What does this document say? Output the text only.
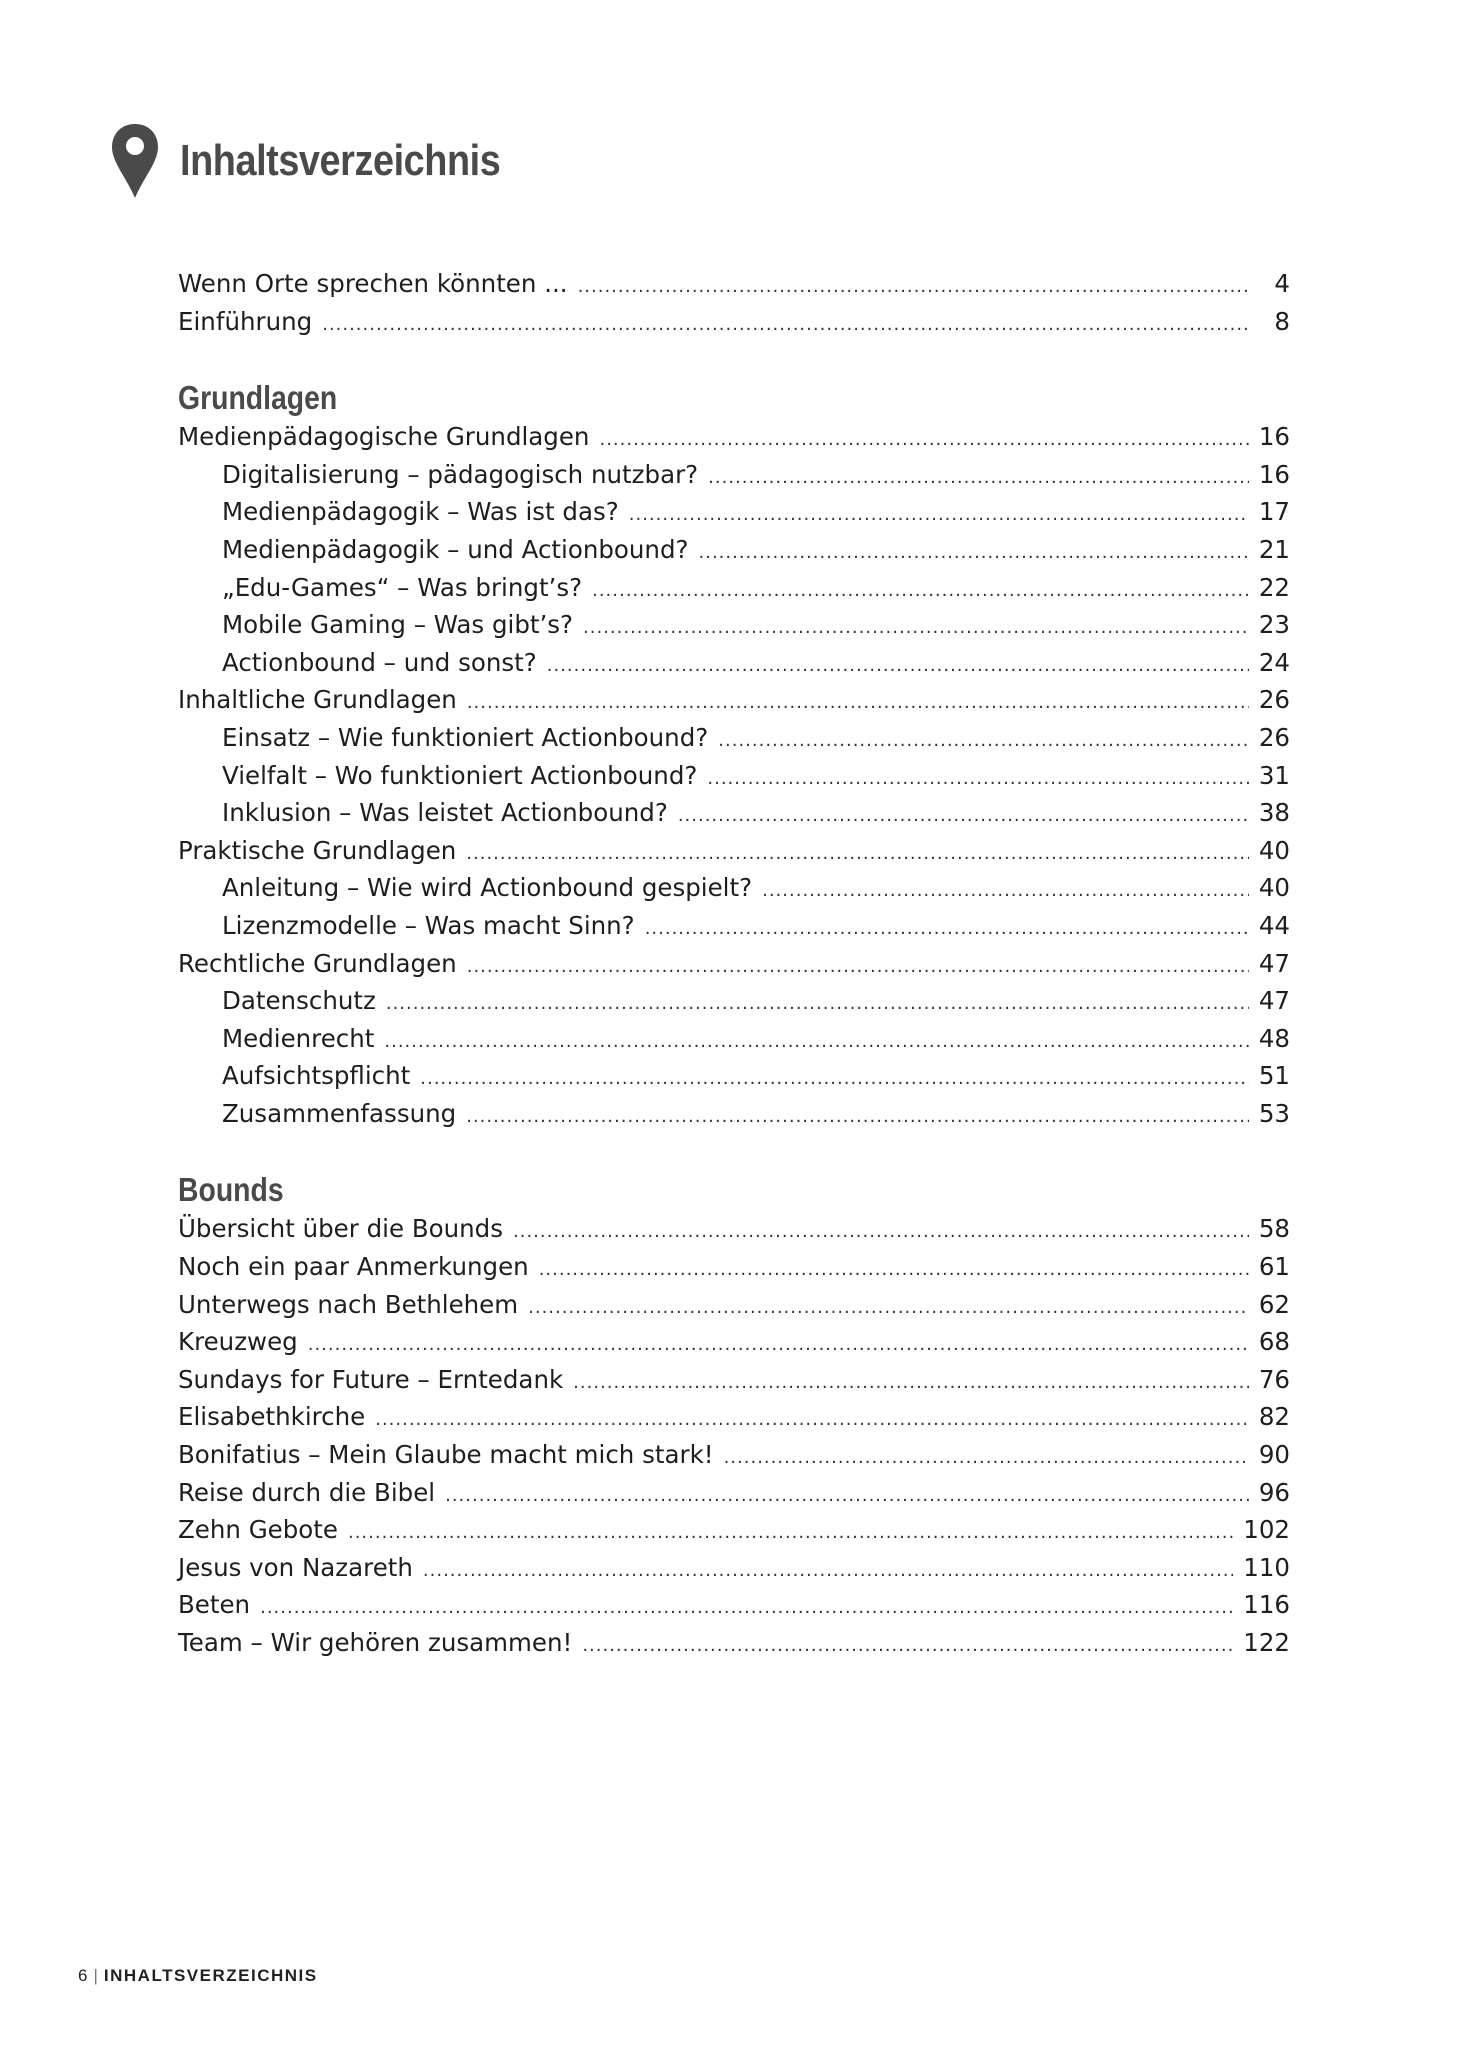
Inhaltsverzeichnis
Wenn Orte sprechen könnten ... .....	4
Einführung .....	8
Grundlagen
Medienpädagogische Grundlagen .....	16
Digitalisierung – pädagogisch nutzbar? .....	16
Medienpädagogik – Was ist das? .....	17
Medienpädagogik – und Actionbound? .....	21
„Edu-Games“ – Was bringt’s? .....	22
Mobile Gaming – Was gibt’s? .....	23
Actionbound – und sonst? .....	24
Inhaltliche Grundlagen .....	26
Einsatz – Wie funktioniert Actionbound? .....	26
Vielfalt – Wo funktioniert Actionbound? .....	31
Inklusion – Was leistet Actionbound? .....	38
Praktische Grundlagen .....	40
Anleitung – Wie wird Actionbound gespielt? .....	40
Lizenzmodelle – Was macht Sinn? .....	44
Rechtliche Grundlagen .....	47
Datenschutz .....	47
Medienrecht .....	48
Aufsichtspflicht .....	51
Zusammenfassung .....	53
Bounds
Übersicht über die Bounds .....	58
Noch ein paar Anmerkungen .....	61
Unterwegs nach Bethlehem .....	62
Kreuzweg .....	68
Sundays for Future – Erntedank .....	76
Elisabethkirche .....	82
Bonifatius – Mein Glaube macht mich stark! .....	90
Reise durch die Bibel .....	96
Zehn Gebote .....	102
Jesus von Nazareth .....	110
Beten .....	116
Team – Wir gehören zusammen! .....	122
6 | INHALTSVERZEICHNIS
